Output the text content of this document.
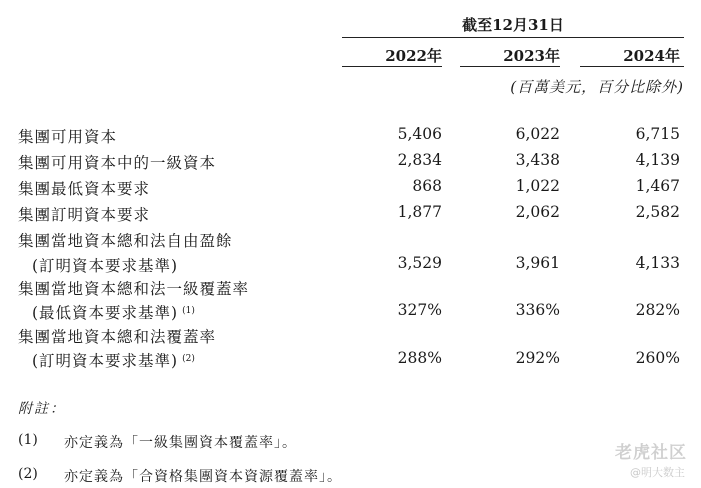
截至12月31日
2022年	2023年	2024年
(百萬美元，百分比除外)
集團可用資本	5,406	6,022	6,715
集團可用資本中的一級資本	2,834	3,438	4,139
集團最低資本要求	868	1,022	1,467
集團訂明資本要求	1,877	2,062	2,582
集團當地資本總和法自由盈餘
(訂明資本要求基準)	3,529	3,961	4,133
集團當地資本總和法一級覆蓋率
(最低資本要求基準) $^{(1)}$	327%	336%	282%
集團當地資本總和法覆蓋率
(訂明資本要求基準) $^{(2)}$	288%	292%	260%
附註：
(1) 亦定義為「一級集團資本覆蓋率」。
(2) 亦定義為「合資格集團資本資源覆蓋率」。
老虎社区
@明大数主
